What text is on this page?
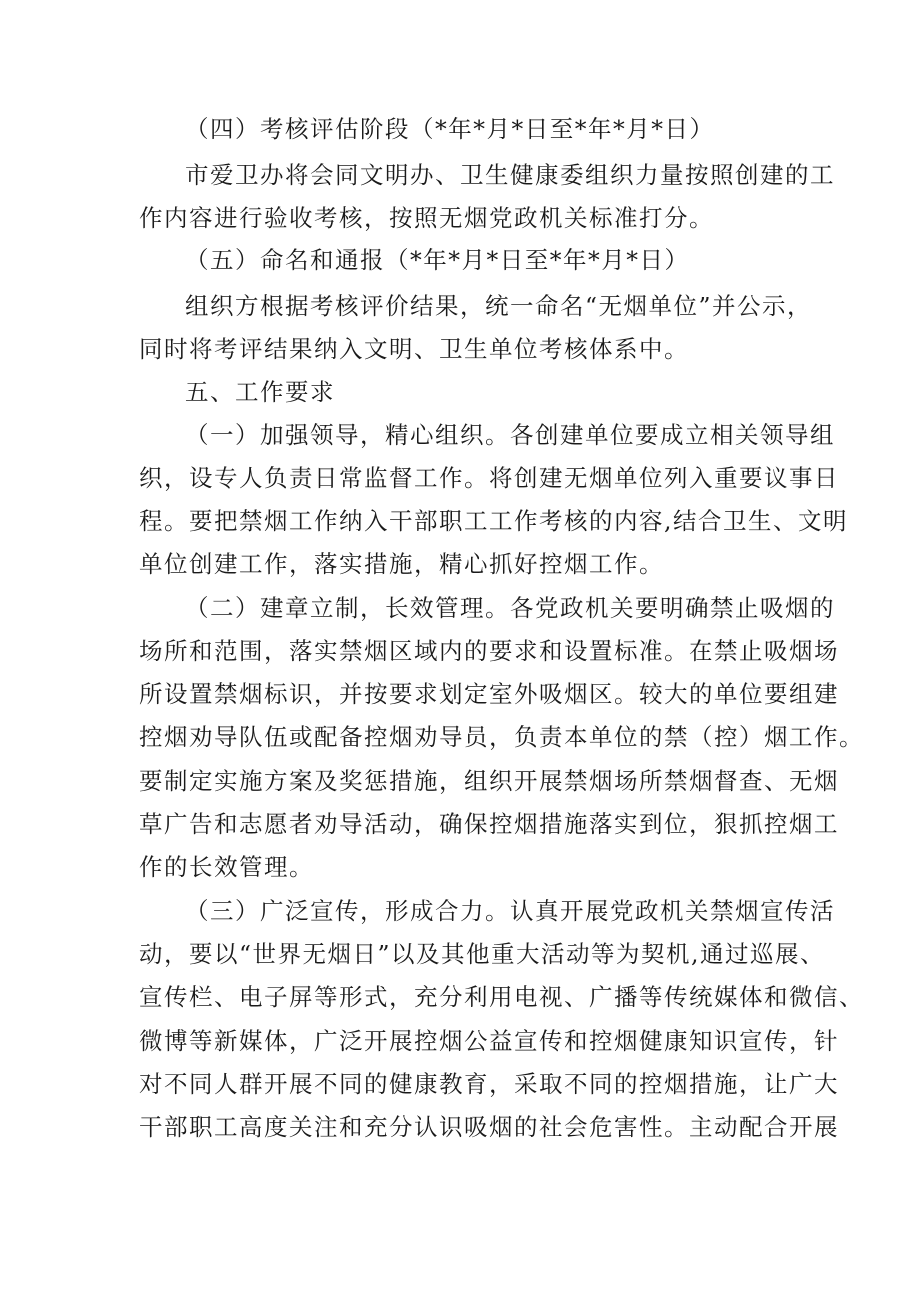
（四）考核评估阶段（*年*月*日至*年*月*日）
市爱卫办将会同文明办、卫生健康委组织力量按照创建的工
作内容进行验收考核，按照无烟党政机关标准打分。
（五）命名和通报（*年*月*日至*年*月*日）
组织方根据考核评价结果，统一命名“无烟单位”并公示，
同时将考评结果纳入文明、卫生单位考核体系中。
五、工作要求
（一）加强领导，精心组织。各创建单位要成立相关领导组
织，设专人负责日常监督工作。将创建无烟单位列入重要议事日
程。要把禁烟工作纳入干部职工工作考核的内容,结合卫生、文明
单位创建工作，落实措施，精心抓好控烟工作。
（二）建章立制，长效管理。各党政机关要明确禁止吸烟的
场所和范围，落实禁烟区域内的要求和设置标准。在禁止吸烟场
所设置禁烟标识，并按要求划定室外吸烟区。较大的单位要组建
控烟劝导队伍或配备控烟劝导员，负责本单位的禁（控）烟工作。
要制定实施方案及奖惩措施，组织开展禁烟场所禁烟督查、无烟
草广告和志愿者劝导活动，确保控烟措施落实到位，狠抓控烟工
作的长效管理。
（三）广泛宣传，形成合力。认真开展党政机关禁烟宣传活
动，要以“世界无烟日”以及其他重大活动等为契机,通过巡展、
宣传栏、电子屏等形式，充分利用电视、广播等传统媒体和微信、
微博等新媒体，广泛开展控烟公益宣传和控烟健康知识宣传，针
对不同人群开展不同的健康教育，采取不同的控烟措施，让广大
干部职工高度关注和充分认识吸烟的社会危害性。主动配合开展
